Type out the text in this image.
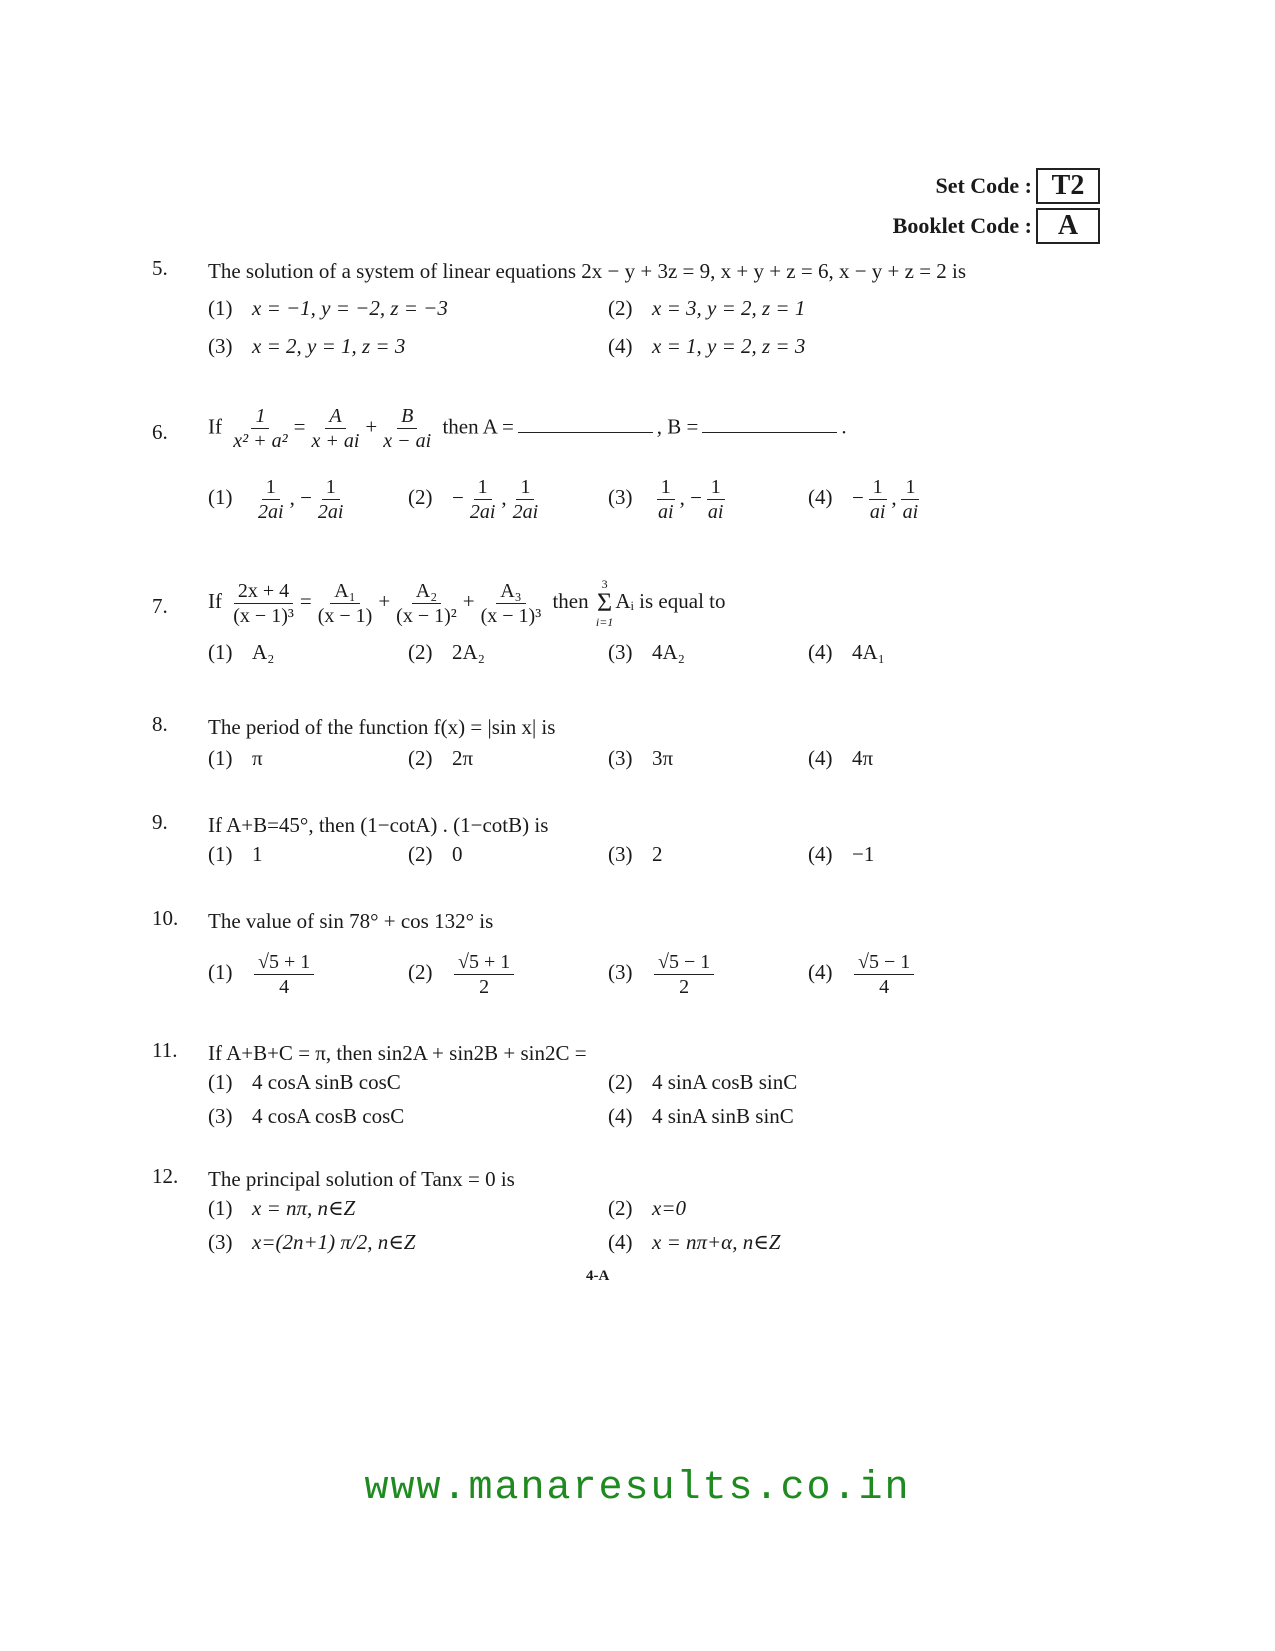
Set Code : T2
Booklet Code : A
5. The solution of a system of linear equations 2x − y + 3z = 9, x + y + z = 6, x − y + z = 2 is
(1) x = −1, y = −2, z = −3	(2) x = 3, y = 2, z = 1
(3) x = 2, y = 1, z = 3	(4) x = 1, y = 2, z = 3
6. If $\frac{1}{\text{x² + a²}} = \frac{A}{x + ai} + \frac{B}{x - ai}$ then A =	, B =	.
$(1) \frac{1}{2ai}$ , − $\frac{1}{2ai}$	$(2) - \frac{1}{2ai}$ , $\frac{1}{2ai}$	$(3) \frac{1}{ai}$ , − $\frac{1}{ai}$	$(4) - \frac{1}{ai}$ , $\frac{1}{ai}$
7. If $\frac{2x + 4}{\text{(x − 1)³}} = \frac{\text{A₁}}{(x - 1)} + \frac{\text{A₂}}{\text{(x − 1)²}} + \frac{\text{A₃}}{\text{(x − 1)³}}$ then
3
Σ
i=1
Aᵢ is equal to
(1) A₂	(2) 2A₂	(3) 4A₂	(4) 4A₁
8. The period of the function f(x) = |sin x| is
(1) π	(2) 2π	(3) 3π	(4) 4π
9. If A+B=45°, then (1−cotA) . (1−cotB) is
(1) 1	(2) 0	(3) 2	(4) −1
10. The value of sin 78° + cos 132° is
$(1) \frac{√5 + 1}{4}$	$(2) \frac{√5 + 1}{2}$	$(3) \frac{√5 - 1}{2}$	$(4) \frac{√5 - 1}{4}$
11. If A+B+C = π, then sin2A + sin2B + sin2C =
(1) 4 cosA sinB cosC	(2) 4 sinA cosB sinC
(3) 4 cosA cosB cosC	(4) 4 sinA sinB sinC
12. The principal solution of Tanx = 0 is
(1) x = nπ, n∈Z	(2) x=0
(3) x=(2n+1) π/2, n∈Z	(4) x = nπ+α, n∈Z
4-A
www.manaresults.co.in
